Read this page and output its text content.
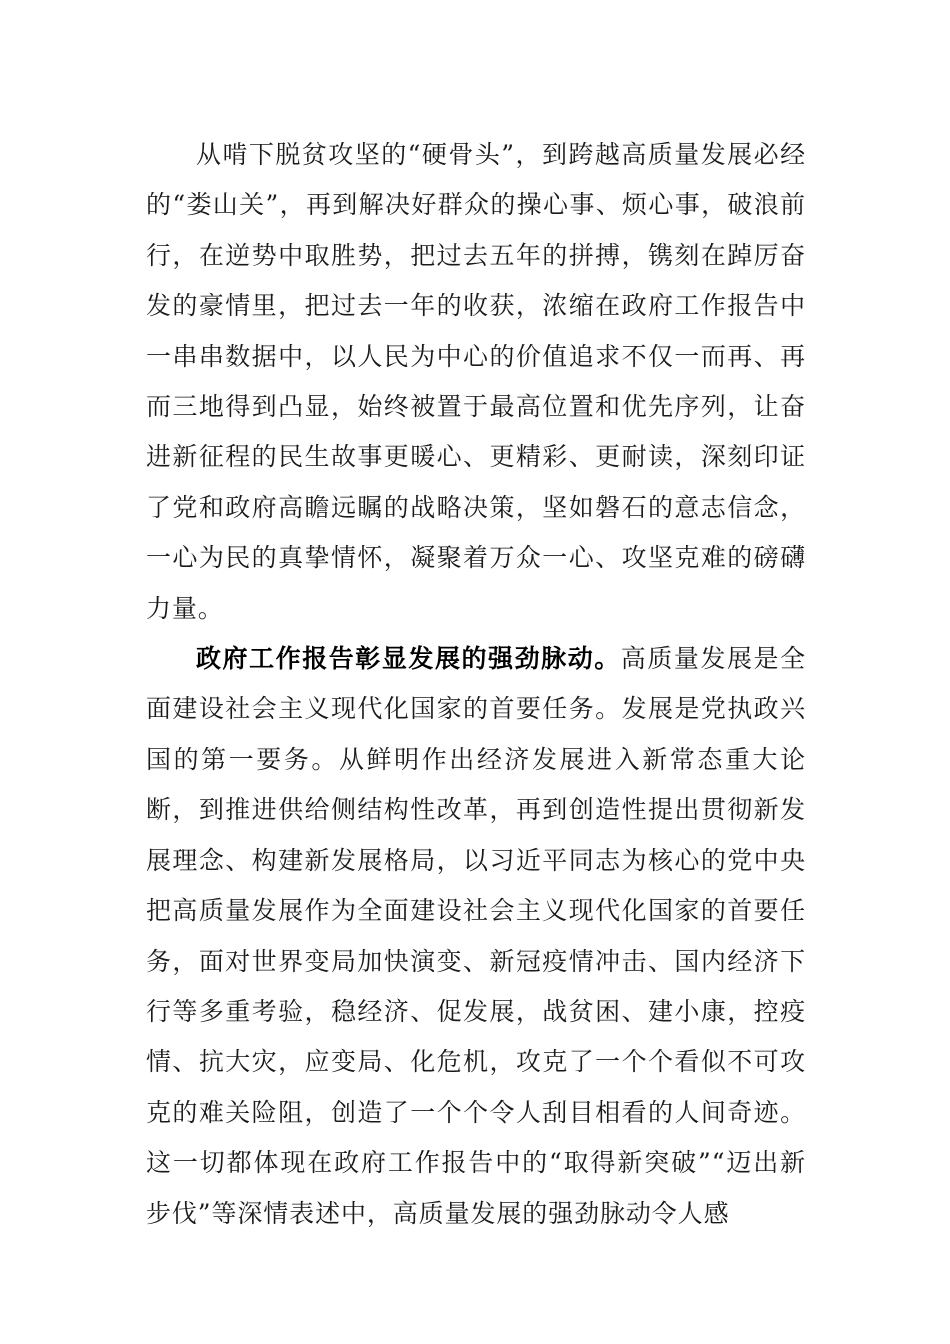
从啃下脱贫攻坚的“硬骨头”，到跨越高质量发展必经的“娄山关”，再到解决好群众的操心事、烦心事，破浪前行，在逆势中取胜势，把过去五年的拼搏，镌刻在踔厉奋发的豪情里，把过去一年的收获，浓缩在政府工作报告中一串串数据中，以人民为中心的价值追求不仅一而再、再而三地得到凸显，始终被置于最高位置和优先序列，让奋进新征程的民生故事更暖心、更精彩、更耐读，深刻印证了党和政府高瞻远瞩的战略决策，坚如磐石的意志信念，一心为民的真挚情怀，凝聚着万众一心、攻坚克难的磅礴力量。

政府工作报告彰显发展的强劲脉动。高质量发展是全面建设社会主义现代化国家的首要任务。发展是党执政兴国的第一要务。从鲜明作出经济发展进入新常态重大论断，到推进供给侧结构性改革，再到创造性提出贯彻新发展理念、构建新发展格局，以习近平同志为核心的党中央把高质量发展作为全面建设社会主义现代化国家的首要任务，面对世界变局加快演变、新冠疫情冲击、国内经济下行等多重考验，稳经济、促发展，战贫困、建小康，控疫情、抗大灾，应变局、化危机，攻克了一个个看似不可攻克的难关险阻，创造了一个个令人刮目相看的人间奇迹。这一切都体现在政府工作报告中的“取得新突破”“迈出新步伐”等深情表述中，高质量发展的强劲脉动令人感
